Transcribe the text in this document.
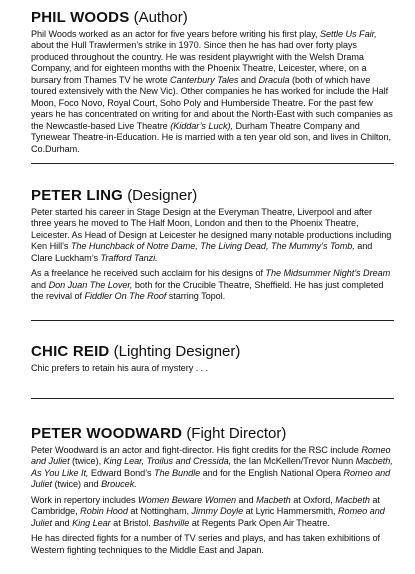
PHIL WOODS (Author)

Phil Woods worked as an actor for five years before writing his first play, Settle Us Fair, about the Hull Trawlermen’s strike in 1970. Since then he has had over forty plays produced throughout the country. He was resident playwright with the Welsh Drama Company, and for eighteen months with the Phoenix Theatre, Leicester, where, on a bursary from Thames TV he wrote Canterbury Tales and Dracula (both of which have toured extensively with the New Vic). Other companies he has worked for include the Half Moon, Foco Novo, Royal Court, Soho Poly and Humberside Theatre. For the past few years he has concentrated on writing for and about the North-East with such companies as the Newcastle-based Live Theatre (Kiddar’s Luck), Durham Theatre Company and Tynewear Theatre-in-Education. He is married with a ten year old son, and lives in Chilton, Co.Durham.

PETER LING (Designer)

Peter started his career in Stage Design at the Everyman Theatre, Liverpool and after three years he moved to The Half Moon, London and then to the Phoenix Theatre, Leicester. As Head of Design at Leicester he designed many notable productions including Ken Hill’s The Hunchback of Notre Dame, The Living Dead, The Mummy’s Tomb, and Clare Luckham’s Trafford Tanzi.

As a freelance he received such acclaim for his designs of The Midsummer Night’s Dream and Don Juan The Lover, both for the Crucible Theatre, Sheffield. He has just completed the revival of Fiddler On The Roof starring Topol.

CHIC REID (Lighting Designer)

Chic prefers to retain his aura of mystery . . .

PETER WOODWARD (Fight Director)

Peter Woodward is an actor and fight-director. His fight credits for the RSC include Romeo and Juliet (twice), King Lear, Troilus and Cressida, the Ian McKellen/Trevor Nunn Macbeth, As You Like It, Edward Bond’s The Bundle and for the English National Opera Romeo and Juliet (twice) and Broucek.

Work in repertory includes Women Beware Women and Macbeth at Oxford, Macbeth at Cambridge, Robin Hood at Nottingham, Jimmy Doyle at Lyric Hammersmith, Romeo and Juliet and King Lear at Bristol. Bashville at Regents Park Open Air Theatre.

He has directed fights for a number of TV series and plays, and has taken exhibitions of Western fighting techniques to the Middle East and Japan.
